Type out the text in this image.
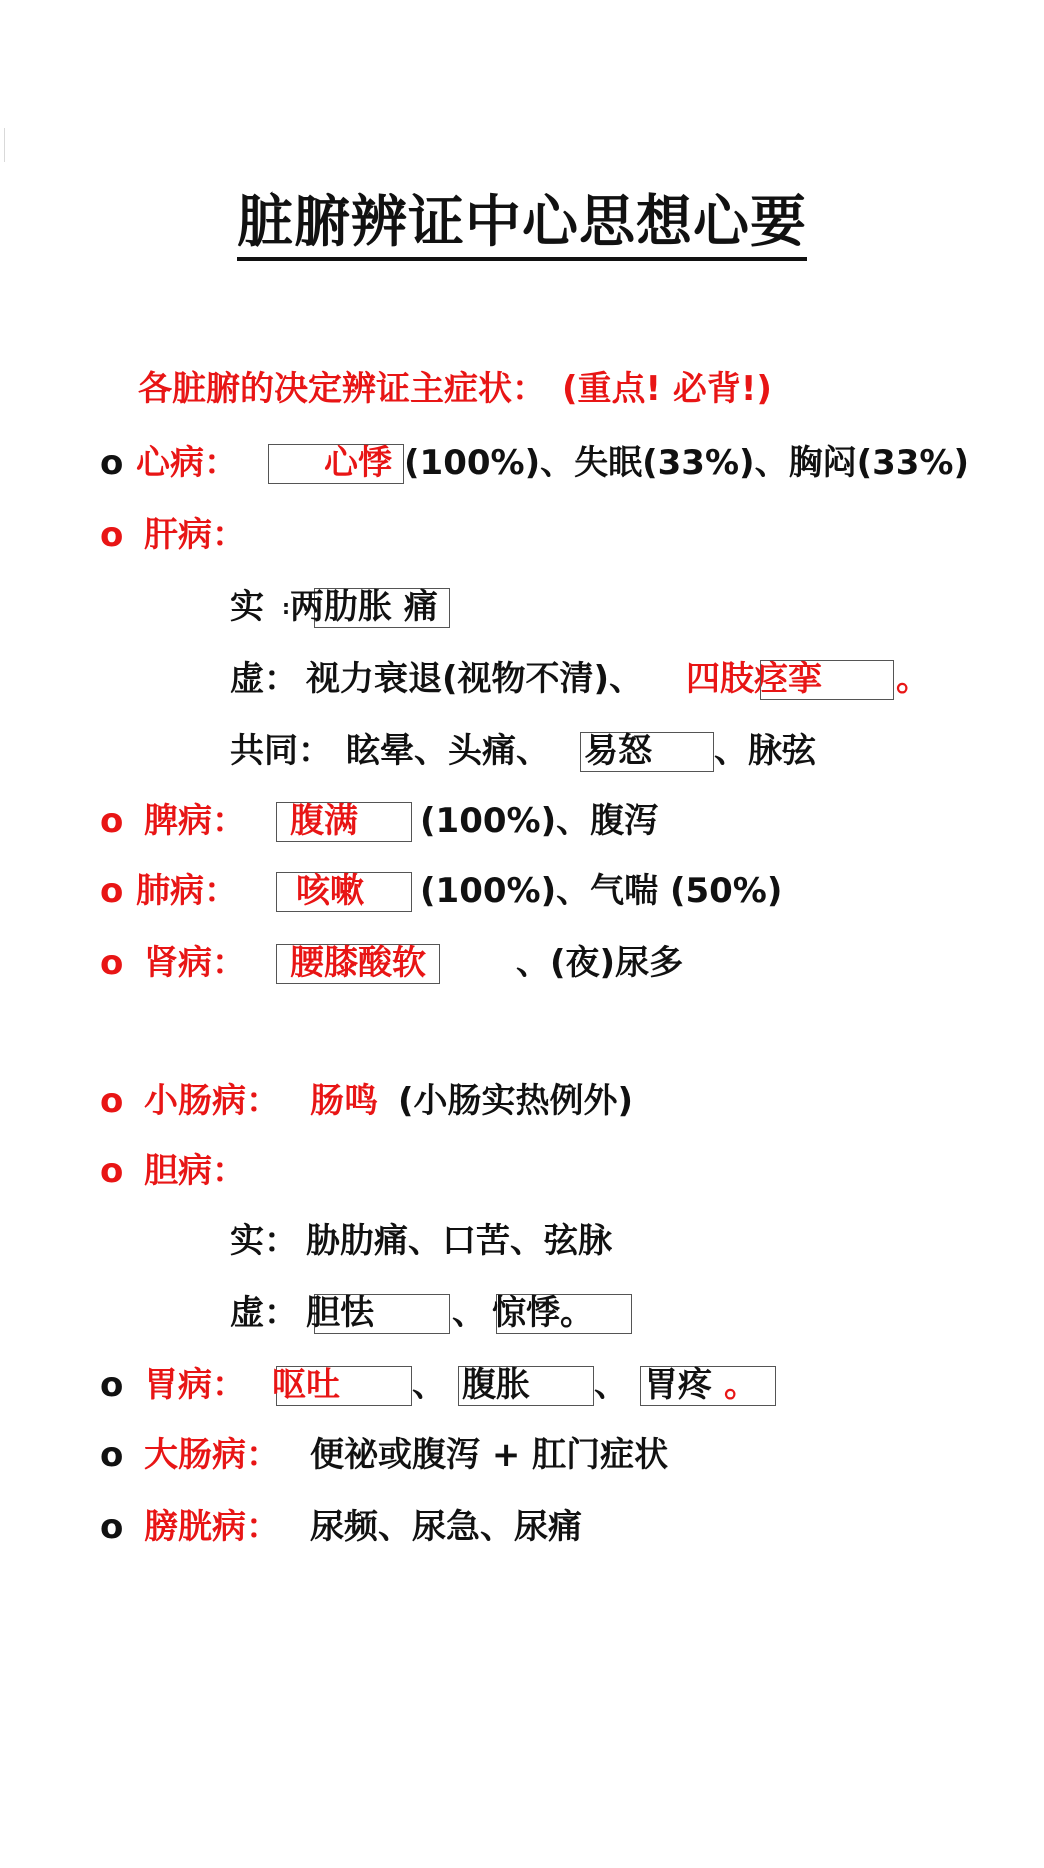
脏腑辨证中心思想心要
各脏腑的决定辨证主症状： (重点! 必背!)
o 心病：	心悸 (100%)、失眠(33%)、胸闷(33%)
o 肝病：
实 : 两肋胀 痛
虚： 视力衰退(视物不清)、 四肢痉挛 。
共同： 眩晕、头痛、 易怒 、脉弦
o 脾病： 腹满 (100%)、腹泻
o 肺病： 咳嗽 (100%)、气喘 (50%)
o 肾病： 腰膝酸软	、(夜)尿多
o 小肠病： 肠鸣 (小肠实热例外)
o 胆病：
实： 胁肋痛、口苦、弦脉
虚： 胆怯 、 惊悸。
o 胃病： 呕吐 、 腹胀 、 胃疼 。
o 大肠病： 便祕或腹泻 + 肛门症状
o 膀胱病： 尿频、尿急、尿痛
